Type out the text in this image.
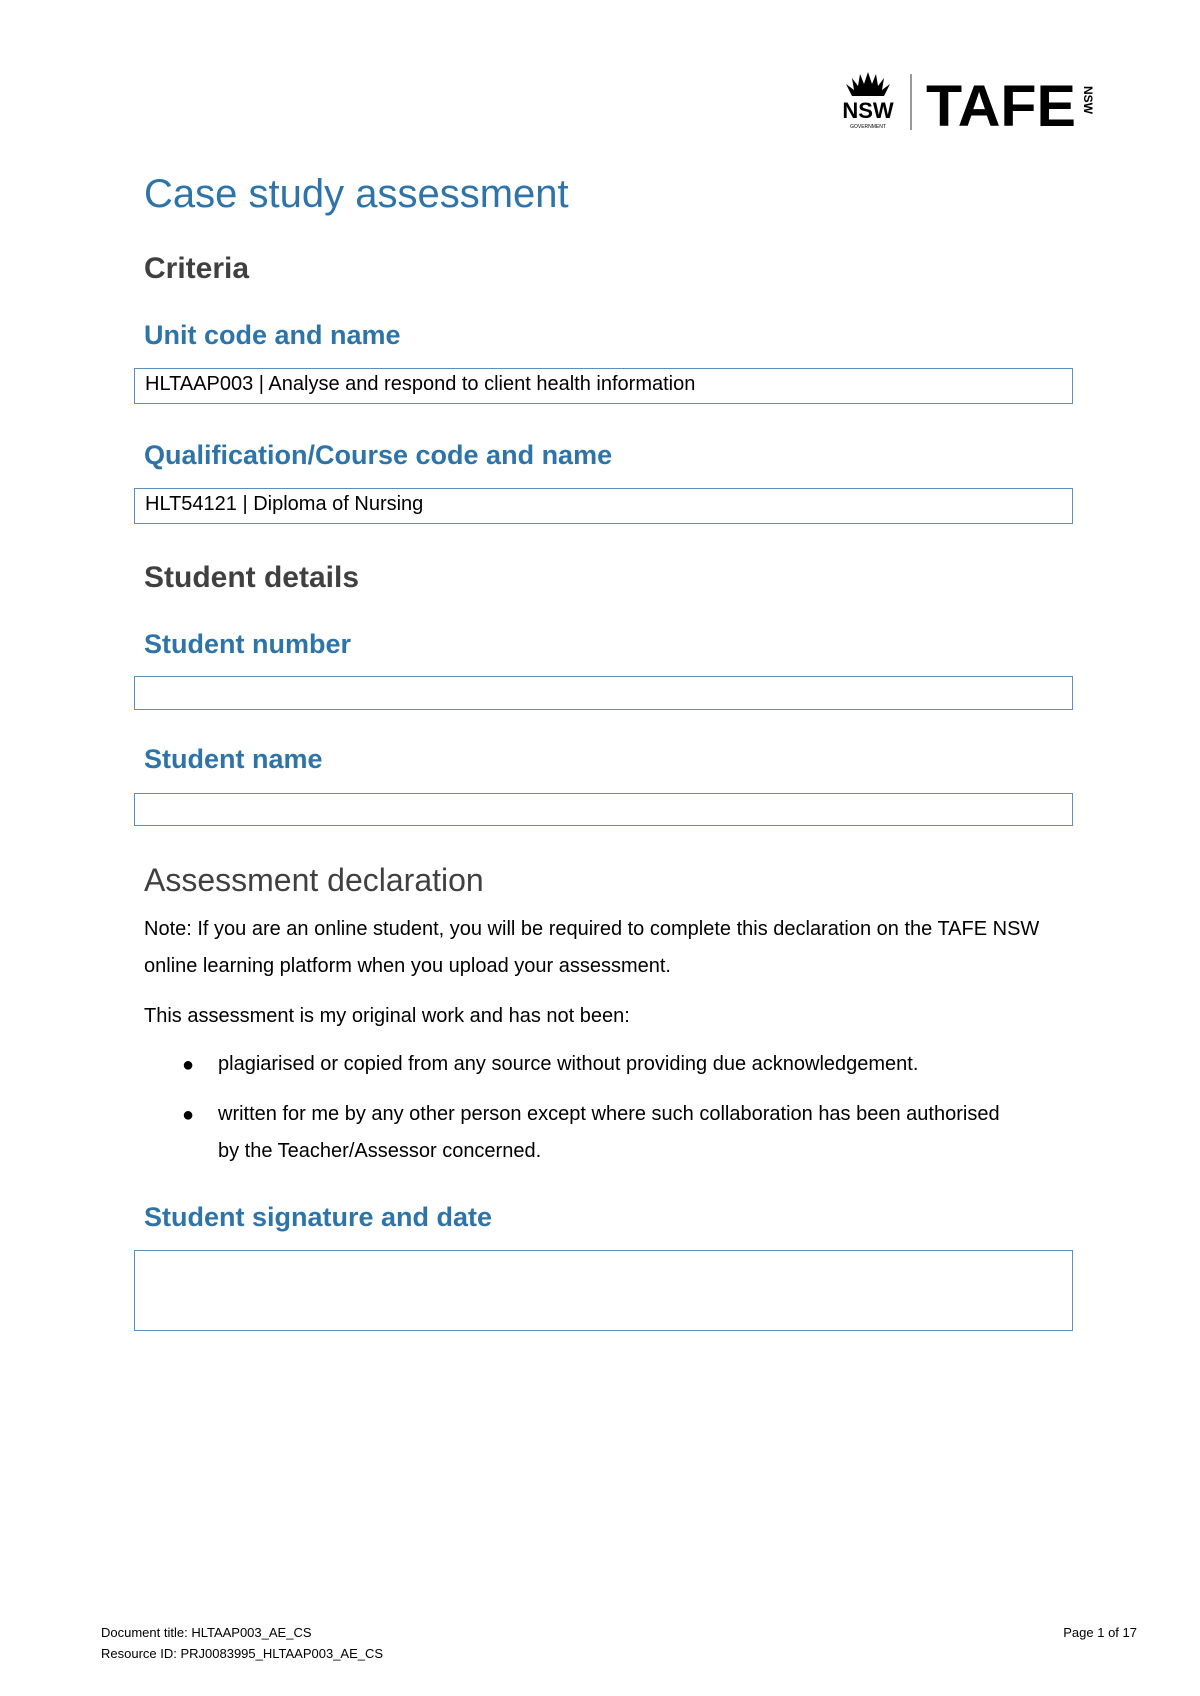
NSW
GOVERNMENT TAFE NSW
Case study assessment
Criteria
Unit code and name
HLTAAP003 | Analyse and respond to client health information
Qualification/Course code and name
HLT54121 | Diploma of Nursing
Student details
Student number
Student name
Assessment declaration
Note: If you are an online student, you will be required to complete this declaration on the TAFE NSW online learning platform when you upload your assessment.
This assessment is my original work and has not been:
● plagiarised or copied from any source without providing due acknowledgement.
● written for me by any other person except where such collaboration has been authorised by the Teacher/Assessor concerned.
Student signature and date
Document title: HLTAAP003_AE_CS
Resource ID: PRJ0083995_HLTAAP003_AE_CS
Page 1 of 17
